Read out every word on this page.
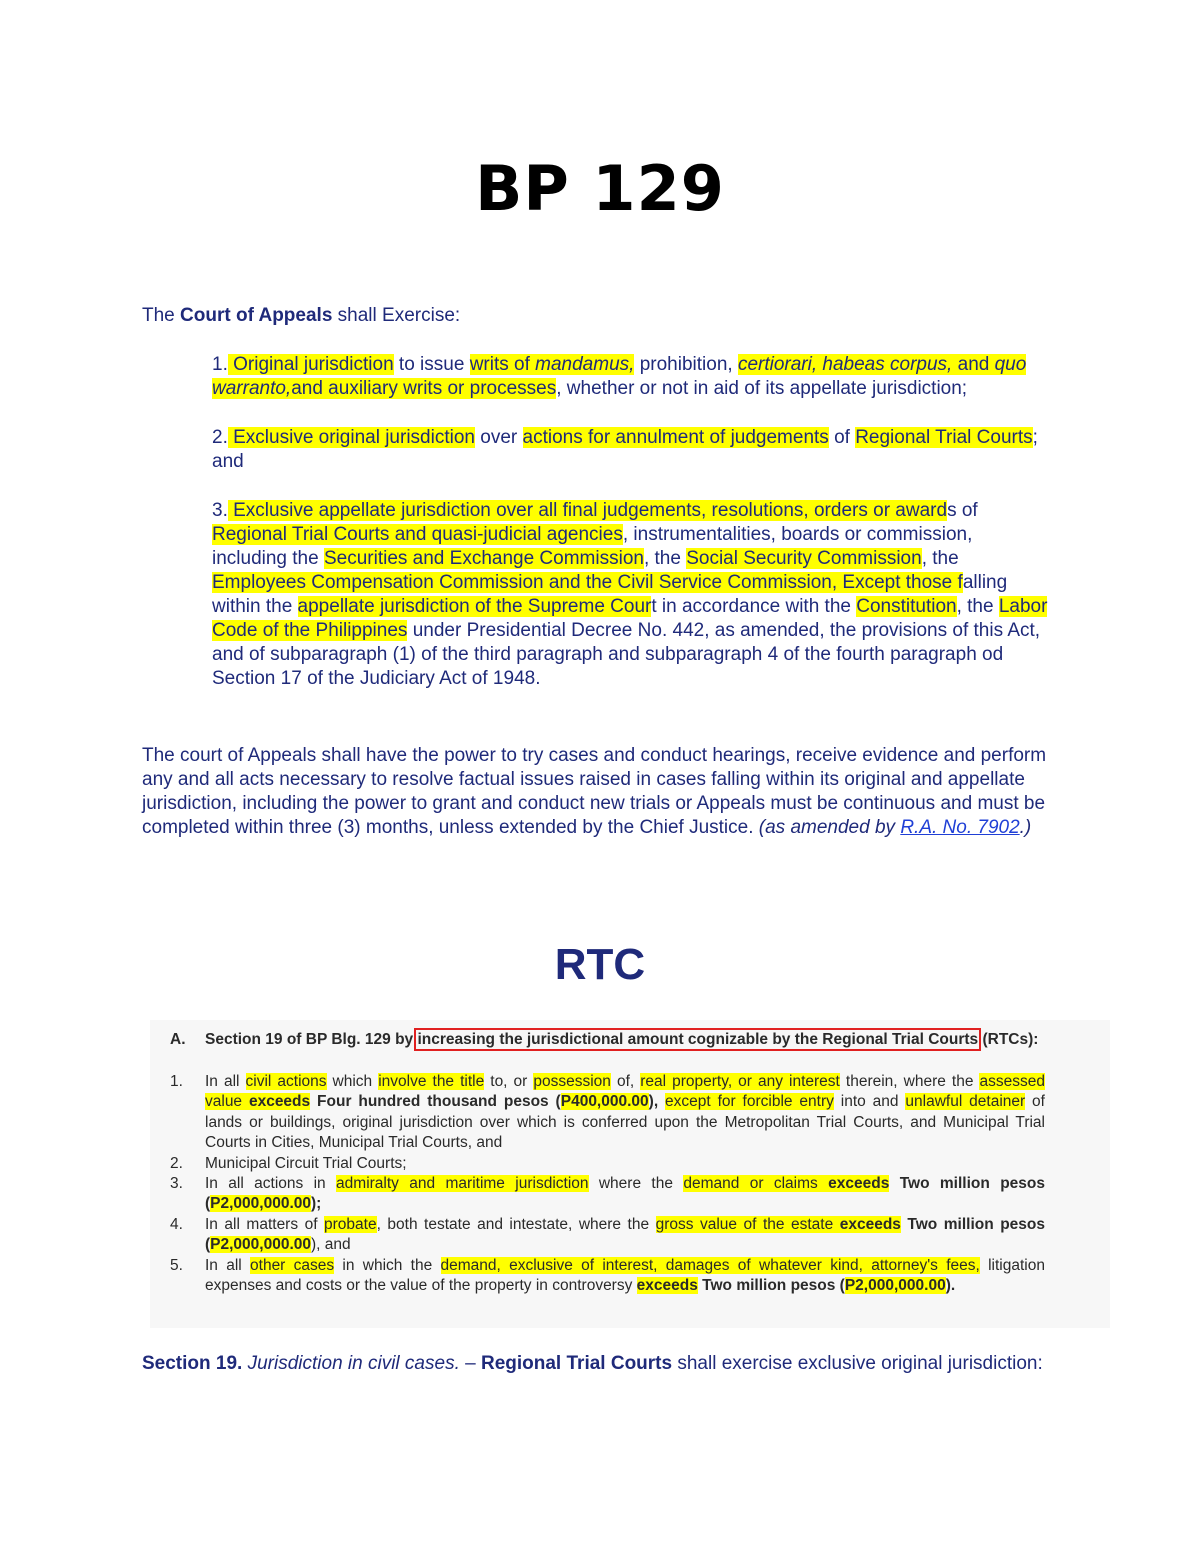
BP 129
The Court of Appeals shall Exercise:
1. Original jurisdiction to issue writs of mandamus, prohibition, certiorari, habeas corpus, and quo warranto,and auxiliary writs or processes, whether or not in aid of its appellate jurisdiction;
2. Exclusive original jurisdiction over actions for annulment of judgements of Regional Trial Courts; and
3. Exclusive appellate jurisdiction over all final judgements, resolutions, orders or awards of Regional Trial Courts and quasi-judicial agencies, instrumentalities, boards or commission, including the Securities and Exchange Commission, the Social Security Commission, the Employees Compensation Commission and the Civil Service Commission, Except those falling within the appellate jurisdiction of the Supreme Court in accordance with the Constitution, the Labor Code of the Philippines under Presidential Decree No. 442, as amended, the provisions of this Act, and of subparagraph (1) of the third paragraph and subparagraph 4 of the fourth paragraph od Section 17 of the Judiciary Act of 1948.
The court of Appeals shall have the power to try cases and conduct hearings, receive evidence and perform any and all acts necessary to resolve factual issues raised in cases falling within its original and appellate jurisdiction, including the power to grant and conduct new trials or Appeals must be continuous and must be completed within three (3) months, unless extended by the Chief Justice. (as amended by R.A. No. 7902.)
RTC
A. Section 19 of BP Blg. 129 by increasing the jurisdictional amount cognizable by the Regional Trial Courts (RTCs):
1. In all civil actions which involve the title to, or possession of, real property, or any interest therein, where the assessed value exceeds Four hundred thousand pesos (P400,000.00), except for forcible entry into and unlawful detainer of lands or buildings, original jurisdiction over which is conferred upon the Metropolitan Trial Courts, and Municipal Trial Courts in Cities, Municipal Trial Courts, and
2. Municipal Circuit Trial Courts;
3. In all actions in admiralty and maritime jurisdiction where the demand or claims exceeds Two million pesos (P2,000,000.00);
4. In all matters of probate, both testate and intestate, where the gross value of the estate exceeds Two million pesos (P2,000,000.00), and
5. In all other cases in which the demand, exclusive of interest, damages of whatever kind, attorney's fees, litigation expenses and costs or the value of the property in controversy exceeds Two million pesos (P2,000,000.00).
Section 19. Jurisdiction in civil cases. – Regional Trial Courts shall exercise exclusive original jurisdiction:
